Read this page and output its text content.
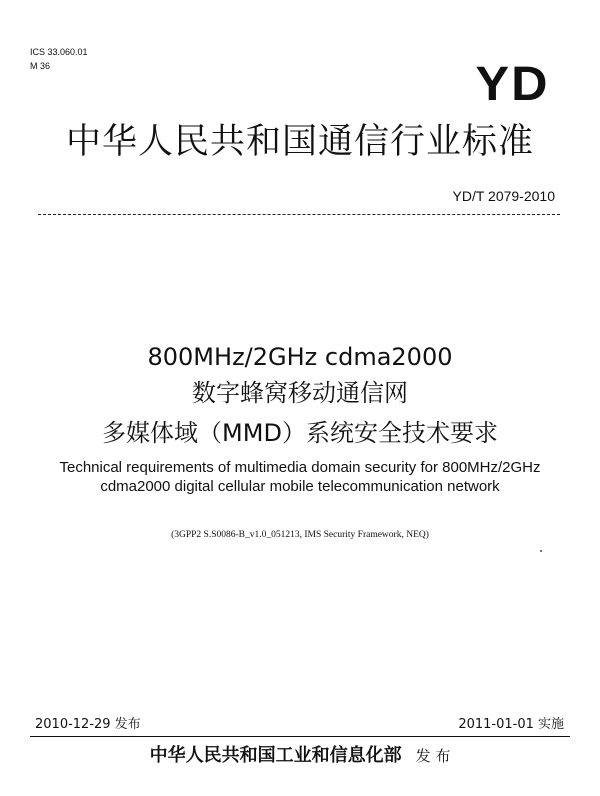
ICS 33.060.01
M 36	YD
中华人民共和国通信行业标准
YD/T 2079-2010
800MHz/2GHz cdma2000
数字蜂窝移动通信网
多媒体域（MMD）系统安全技术要求
Technical requirements of multimedia domain security for 800MHz/2GHz cdma2000 digital cellular mobile telecommunication network
(3GPP2 S.S0086-B_v1.0_051213, IMS Security Framework, NEQ)
2010-12-29 发布	2011-01-01 实施
中华人民共和国工业和信息化部 发 布
